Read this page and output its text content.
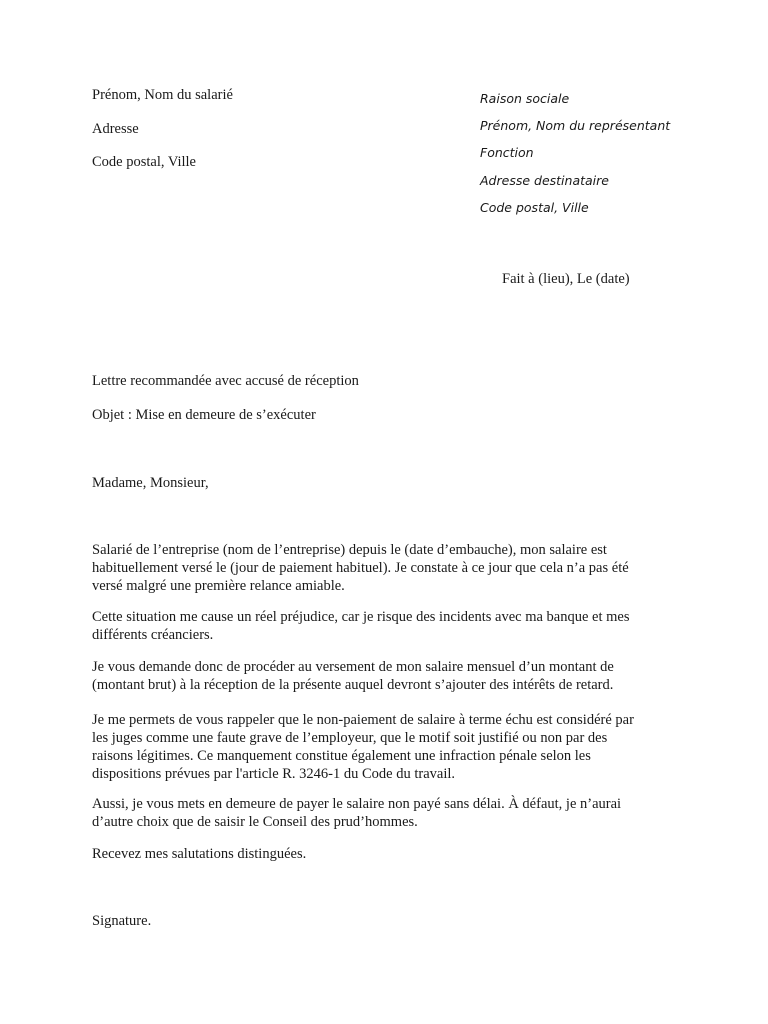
Prénom, Nom du salarié
Adresse
Code postal, Ville
Raison sociale
Prénom, Nom du représentant
Fonction
Adresse destinataire
Code postal, Ville
Fait à (lieu), Le (date)
Lettre recommandée avec accusé de réception
Objet : Mise en demeure de s’exécuter
Madame, Monsieur,
Salarié de l’entreprise (nom de l’entreprise) depuis le (date d’embauche), mon salaire est
habituellement versé le (jour de paiement habituel). Je constate à ce jour que cela n’a pas été
versé malgré une première relance amiable.
Cette situation me cause un réel préjudice, car je risque des incidents avec ma banque et mes
différents créanciers.
Je vous demande donc de procéder au versement de mon salaire mensuel d’un montant de
(montant brut) à la réception de la présente auquel devront s’ajouter des intérêts de retard.
Je me permets de vous rappeler que le non-paiement de salaire à terme échu est considéré par
les juges comme une faute grave de l’employeur, que le motif soit justifié ou non par des
raisons légitimes. Ce manquement constitue également une infraction pénale selon les
dispositions prévues par l'article R. 3246-1 du Code du travail.
Aussi, je vous mets en demeure de payer le salaire non payé sans délai. À défaut, je n’aurai
d’autre choix que de saisir le Conseil des prud’hommes.
Recevez mes salutations distinguées.
Signature.
